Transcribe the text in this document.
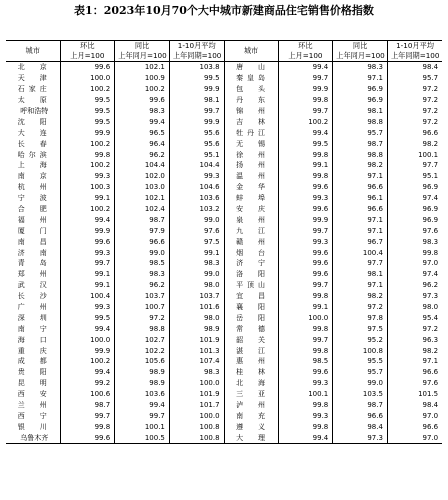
表1：2023年10月70个大中城市新建商品住宅销售价格指数
城市	环比	同比	1-10月平均	城市	环比	同比	1-10月平均
	上月=100	上年同月=100	上年同期=100		上月=100	上年同月=100	上年同期=100
北　京	99.6	102.1	103.8	唐　山	99.4	98.3	98.4
天　津	100.0	100.9	99.5	秦皇岛	99.7	97.1	95.7
石家庄	100.2	100.2	99.9	包　头	99.9	96.9	97.2
太　原	99.5	99.6	98.1	丹　东	99.8	96.9	97.2
呼和浩特	99.5	98.3	99.7	锦　州	99.7	98.1	97.2
沈　阳	99.5	99.4	99.9	吉　林	100.2	98.8	97.2
大　连	99.9	96.5	95.6	牡丹江	99.4	95.7	96.6
长　春	100.2	96.4	95.6	无　锡	99.5	98.7	98.2
哈尔滨	99.8	96.2	95.1	徐　州	99.8	98.8	100.1
上　海	100.2	104.4	104.4	扬　州	99.1	98.2	97.7
南　京	99.3	102.0	99.3	温　州	99.8	97.1	95.1
杭　州	100.3	103.0	104.6	金　华	99.6	96.6	96.9
宁　波	99.1	102.1	103.6	蚌　埠	99.3	96.1	97.4
合　肥	100.2	102.4	103.2	安　庆	99.6	96.6	96.9
福　州	99.4	98.7	99.0	泉　州	99.9	97.1	96.9
厦　门	99.9	97.9	97.6	九　江	99.7	97.1	97.6
南　昌	99.6	96.6	97.5	赣　州	99.3	96.7	98.3
济　南	99.3	99.0	99.1	烟　台	99.6	100.4	99.8
青　岛	99.7	98.5	98.3	济　宁	99.6	97.7	97.0
郑　州	99.1	98.3	99.0	洛　阳	99.6	98.1	97.4
武　汉	99.1	96.2	98.0	平顶山	99.7	97.1	96.2
长　沙	100.4	103.7	103.7	宜　昌	99.8	98.2	97.3
广　州	99.3	100.7	101.6	襄　阳	99.1	97.2	98.0
深　圳	99.5	97.2	98.0	岳　阳	100.0	97.8	95.4
南　宁	99.4	98.8	98.9	常　德	99.8	97.5	97.2
海　口	100.0	102.7	101.9	韶　关	99.7	95.2	96.3
重　庆	99.9	102.2	101.3	湛　江	99.8	100.8	98.2
成　都	100.2	105.6	107.4	惠　州	98.5	95.5	97.1
贵　阳	99.4	98.9	98.3	桂　林	99.6	95.7	96.6
昆　明	99.2	98.9	100.0	北　海	99.3	99.0	97.6
西　安	100.6	103.6	101.9	三　亚	100.1	103.5	101.5
兰　州	98.7	99.4	101.7	泸　州	99.8	98.7	98.4
西　宁	99.7	99.7	100.0	南　充	99.3	96.6	97.0
银　川	99.8	100.1	100.8	遵　义	99.8	98.4	96.6
乌鲁木齐	99.6	100.5	100.8	大　理	99.4	97.3	97.0
